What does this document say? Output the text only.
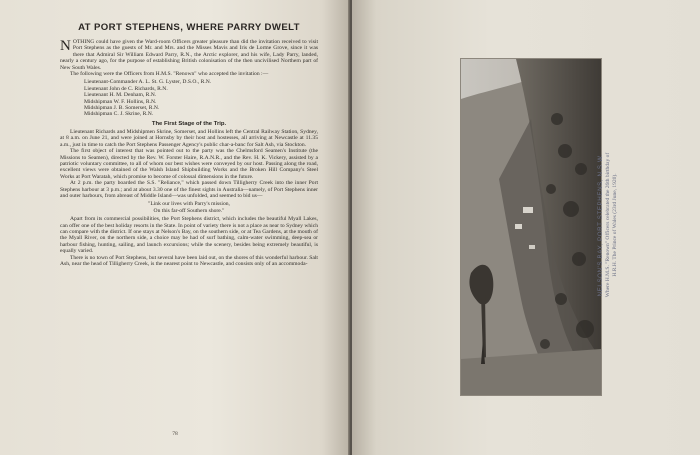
AT PORT STEPHENS, WHERE PARRY DWELT

NOTHING could have given the Ward-room Officers greater pleasure than did the invitation received to visit Port Stephens as the guests of Mr. and Mrs. and the Misses Mavis and Iris de Lorme Grove, since it was there that Admiral Sir William Edward Parry, R.N., the Arctic explorer, and his wife, Lady Parry, landed, nearly a century ago, for the purpose of establishing British colonisation of the then uncivilised Northern part of New South Wales.

The following were the Officers from H.M.S. "Renown" who accepted the invitation :—

Lieutenant-Commander A. L. St. G. Lyster, D.S.O., R.N.
Lieutenant John de C. Richards, R.N.
Lieutenant H. M. Denham, R.N.
Midshipman W. F. Hollins, R.N.
Midshipman J. B. Somerset, R.N.
Midshipman C. J. Skrine, R.N.
The First Stage of the Trip.

Lieutenant Richards and Midshipmen Skrine, Somerset, and Hollins left the Central Railway Station, Sydney, at 8 a.m. on June 21, and were joined at Hornsby by their host and hostesses, all arriving at Newcastle at 11.35 a.m., just in time to catch the Port Stephens Passenger Agency's public char-a-banc for Salt Ash, via Stockton.

The first object of interest that was pointed out to the party was the Chelmsford Seamen's Institute (the Missions to Seamen), directed by the Rev. W. Forster Haire, R.A.N.R., and the Rev. H. K. Vickery, assisted by a patriotic voluntary committee, to all of whom our best wishes were conveyed by our host. Passing along the road, excellent views were obtained of the Walsh Island Shipbuilding Works and the Broken Hill Company's Steel Works at Port Waratah, which promise to become of colossal dimensions in the future.

At 2 p.m. the party boarded the S.S. "Reliance," which passed down Tilligherry Creek into the inner Port Stephens harbour at 3 p.m.; and at about 3.30 one of the finest sights in Australia—namely, of Port Stephens inner and outer harbours, from abreast of Middle Island—was unfolded, and seemed to bid us—

"Link our lives with Parry's mission,
On this far-off Southern shore."

Apart from its commercial possibilities, the Port Stephens district, which includes the beautiful Myall Lakes, can offer one of the best holiday resorts in the State. In point of variety there is not a place as near to Sydney which can compare with the district. If one stays at Nelson's Bay, on the southern side, or at Tea Gardens, at the mouth of the Myall River, on the northern side, a choice may be had of surf bathing, calm-water swimming, deep-sea or harbour fishing, hunting, sailing, and launch excursions; while the scenery, besides being extremely beautiful, is equally varied.

There is no town of Port Stephens, but several have been laid out, on the shores of this wonderful harbour. Salt Ash, near the head of Tilligherry Creek, is the nearest point to Newcastle, and consists only of an accommoda-

78
NELSON'S BAY, PORT STEPHENS, N.S.W. Where H.M.S. "Renown" Officers celebrated the 26th birthday of H.R.H. The Prince of Wales (23rd June, 1920).
